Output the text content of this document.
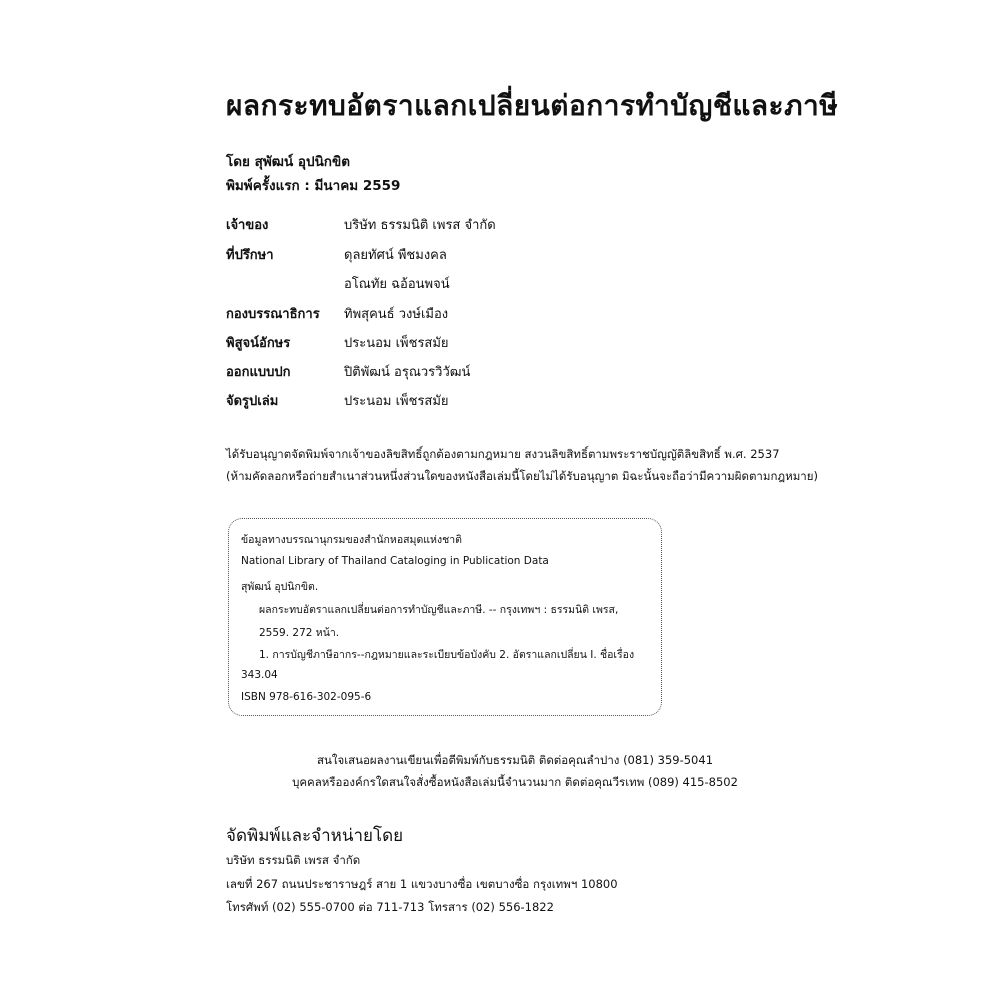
ผลกระทบอัตราแลกเปลี่ยนต่อการทำบัญชีและภาษี
โดย สุพัฒน์ อุปนิกขิต
พิมพ์ครั้งแรก : มีนาคม 2559
เจ้าของ	บริษัท ธรรมนิติ เพรส จำกัด
ที่ปรึกษา	ดุลยทัศน์ พืชมงคล
อโณทัย ฉอ้อนพจน์
กองบรรณาธิการ ทิพสุคนธ์ วงษ์เมือง
พิสูจน์อักษร	ประนอม เพ็ชรสมัย
ออกแบบปก	ปิติพัฒน์ อรุณวรวิวัฒน์
จัดรูปเล่ม	ประนอม เพ็ชรสมัย
ได้รับอนุญาตจัดพิมพ์จากเจ้าของลิขสิทธิ์ถูกต้องตามกฎหมาย สงวนลิขสิทธิ์ตามพระราชบัญญัติลิขสิทธิ์ พ.ศ. 2537
(ห้ามคัดลอกหรือถ่ายสำเนาส่วนหนึ่งส่วนใดของหนังสือเล่มนี้โดยไม่ได้รับอนุญาต มิฉะนั้นจะถือว่ามีความผิดตามกฎหมาย)
ข้อมูลทางบรรณานุกรมของสำนักหอสมุดแห่งชาติ
National Library of Thailand Cataloging in Publication Data
สุพัฒน์ อุปนิกขิต.
ผลกระทบอัตราแลกเปลี่ยนต่อการทำบัญชีและภาษี. -- กรุงเทพฯ : ธรรมนิติ เพรส,
2559. 272 หน้า.
1. การบัญชีภาษีอากร--กฎหมายและระเบียบข้อบังคับ 2. อัตราแลกเปลี่ยน I. ชื่อเรื่อง
343.04
ISBN 978-616-302-095-6
สนใจเสนอผลงานเขียนเพื่อตีพิมพ์กับธรรมนิติ ติดต่อคุณลำปาง (081) 359-5041
บุคคลหรือองค์กรใดสนใจสั่งซื้อหนังสือเล่มนี้จำนวนมาก ติดต่อคุณวีรเทพ (089) 415-8502
จัดพิมพ์และจำหน่ายโดย
บริษัท ธรรมนิติ เพรส จำกัด
เลขที่ 267 ถนนประชาราษฎร์ สาย 1 แขวงบางซื่อ เขตบางซื่อ กรุงเทพฯ 10800
โทรศัพท์ (02) 555-0700 ต่อ 711-713 โทรสาร (02) 556-1822
